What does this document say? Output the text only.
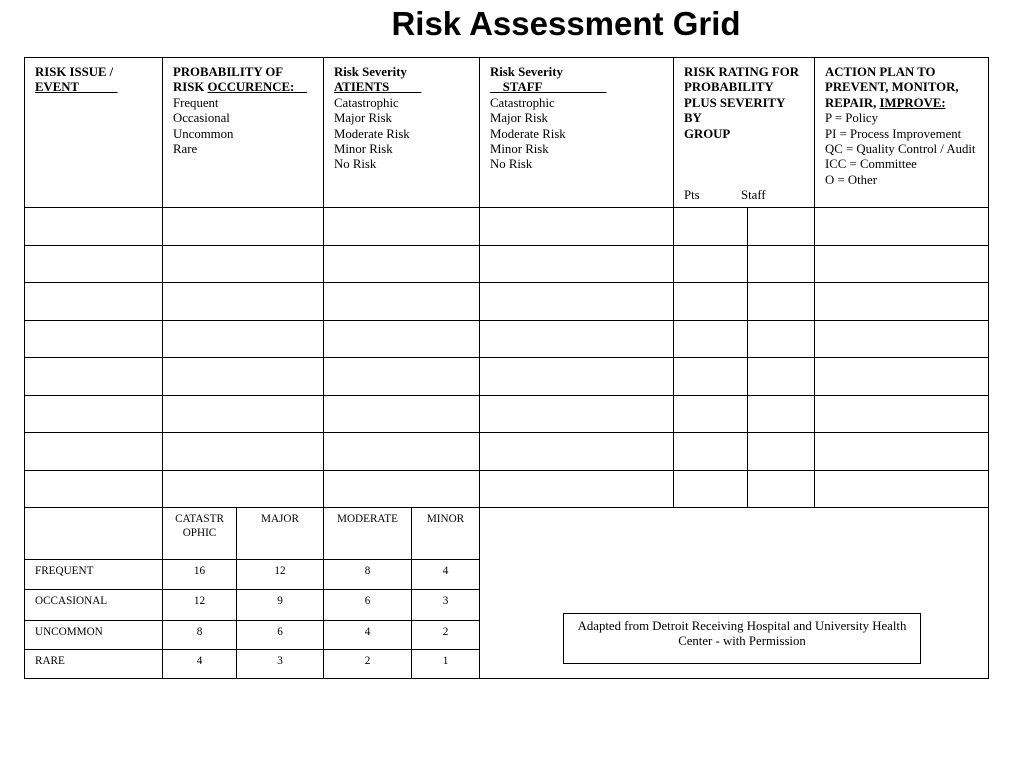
Risk Assessment Grid
RISK ISSUE /
EVENT______
PROBABILITY OF
RISK OCCURENCE:__
Frequent
Occasional
Uncommon
Rare
Risk Severity
ATIENTS_____
Catastrophic
Major Risk
Moderate Risk
Minor Risk
No Risk
Risk Severity
__STAFF__________
Catastrophic
Major Risk
Moderate Risk
Minor Risk
No Risk
RISK RATING FOR
PROBABILITY
PLUS SEVERITY
BY
GROUP
Pts	Staff
ACTION PLAN TO
PREVENT, MONITOR,
REPAIR, IMPROVE:
P = Policy
PI = Process Improvement
QC = Quality Control / Audit
ICC = Committee
O = Other
CATASTR
OPHIC
MAJOR	MODERATE	MINOR
Adapted from Detroit Receiving Hospital and University Health Center - with Permission
FREQUENT	16	12	8	4
OCCASIONAL	12	9	6	3
UNCOMMON	8	6	4	2
RARE	4	3	2	1
